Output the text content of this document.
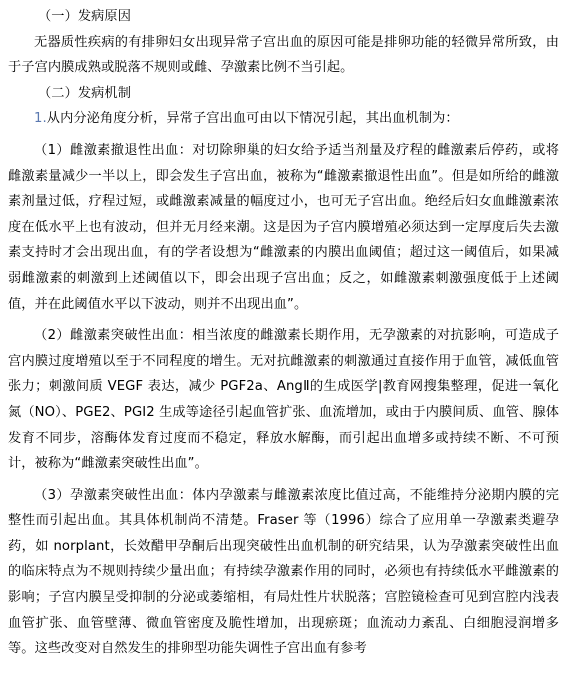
（一）发病原因

无器质性疾病的有排卵妇女出现异常子宫出血的原因可能是排卵功能的轻微异常所致，由于子宫内膜成熟或脱落不规则或雌、孕激素比例不当引起。

（二）发病机制

1.从内分泌角度分析，异常子宫出血可由以下情况引起，其出血机制为：

（1）雌激素撤退性出血：对切除卵巢的妇女给予适当剂量及疗程的雌激素后停药，或将雌激素量减少一半以上，即会发生子宫出血，被称为“雌激素撤退性出血”。但是如所给的雌激素剂量过低，疗程过短，或雌激素减量的幅度过小，也可无子宫出血。绝经后妇女血雌激素浓度在低水平上也有波动，但并无月经来潮。这是因为子宫内膜增殖必须达到一定厚度后失去激素支持时才会出现出血，有的学者设想为“雌激素的内膜出血阈值；超过这一阈值后，如果减弱雌激素的刺激到上述阈值以下，即会出现子宫出血；反之，如雌激素刺激强度低于上述阈值，并在此阈值水平以下波动，则并不出现出血”。

（2）雌激素突破性出血：相当浓度的雌激素长期作用，无孕激素的对抗影响，可造成子宫内膜过度增殖以至于不同程度的增生。无对抗雌激素的刺激通过直接作用于血管，减低血管张力；刺激间质 VEGF 表达，减少 PGF2a、AngⅡ的生成医学|教育网搜集整理，促进一氧化氮（NO）、PGE2、PGI2 生成等途径引起血管扩张、血流增加，或由于内膜间质、血管、腺体发育不同步，溶酶体发育过度而不稳定，释放水解酶，而引起出血增多或持续不断、不可预计，被称为“雌激素突破性出血”。

（3）孕激素突破性出血：体内孕激素与雌激素浓度比值过高，不能维持分泌期内膜的完整性而引起出血。其具体机制尚不清楚。Fraser 等（1996）综合了应用单一孕激素类避孕药，如 norplant，长效醋甲孕酮后出现突破性出血机制的研究结果，认为孕激素突破性出血的临床特点为不规则持续少量出血；有持续孕激素作用的同时，必须也有持续低水平雌激素的影响；子宫内膜呈受抑制的分泌或萎缩相，有局灶性片状脱落；宫腔镜检查可见到宫腔内浅表血管扩张、血管壁薄、微血管密度及脆性增加，出现瘀斑；血流动力紊乱、白细胞浸润增多等。这些改变对自然发生的排卵型功能失调性子宫出血有参考
